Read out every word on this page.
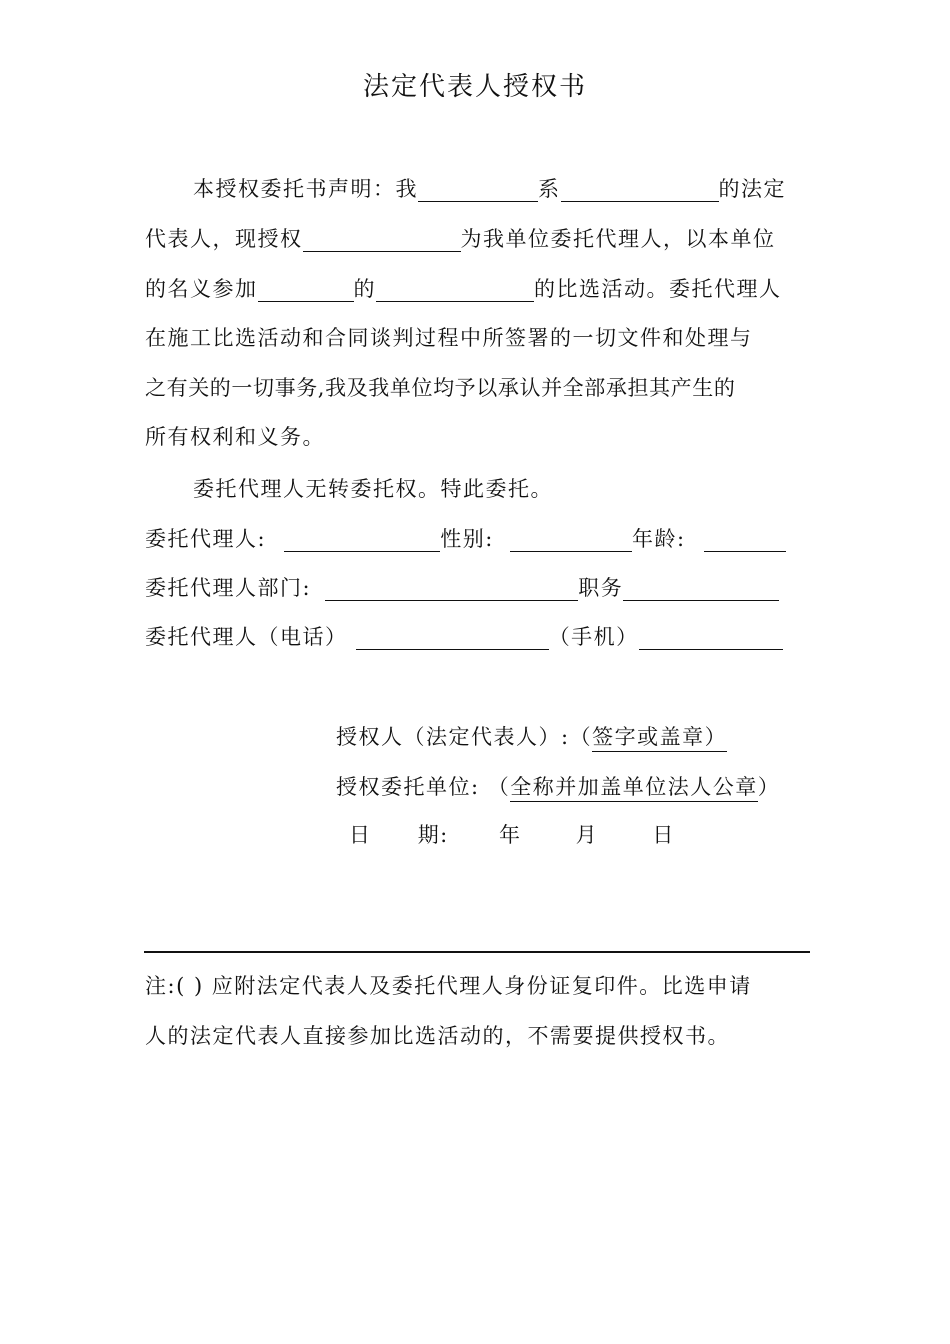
法定代表人授权书
本授权委托书声明：我	系	的法定
代表人，现授权	为我单位委托代理人，以本单位
的名义参加	的	的比选活动。委托代理人
在施工比选活动和合同谈判过程中所签署的一切文件和处理与
之有关的一切事务,我及我单位均予以承认并全部承担其产生的
所有权利和义务。
委托代理人无转委托权。特此委托。
委托代理人:	性别:	年龄:
委托代理人部门:	职务
委托代理人（电话）	（手机）
授权人（法定代表人）:（签字或盖章）
授权委托单位: （全称并加盖单位法人公章）
日 期: 年	月	日
注:( ) 应附法定代表人及委托代理人身份证复印件。比选申请
人的法定代表人直接参加比选活动的，不需要提供授权书。
